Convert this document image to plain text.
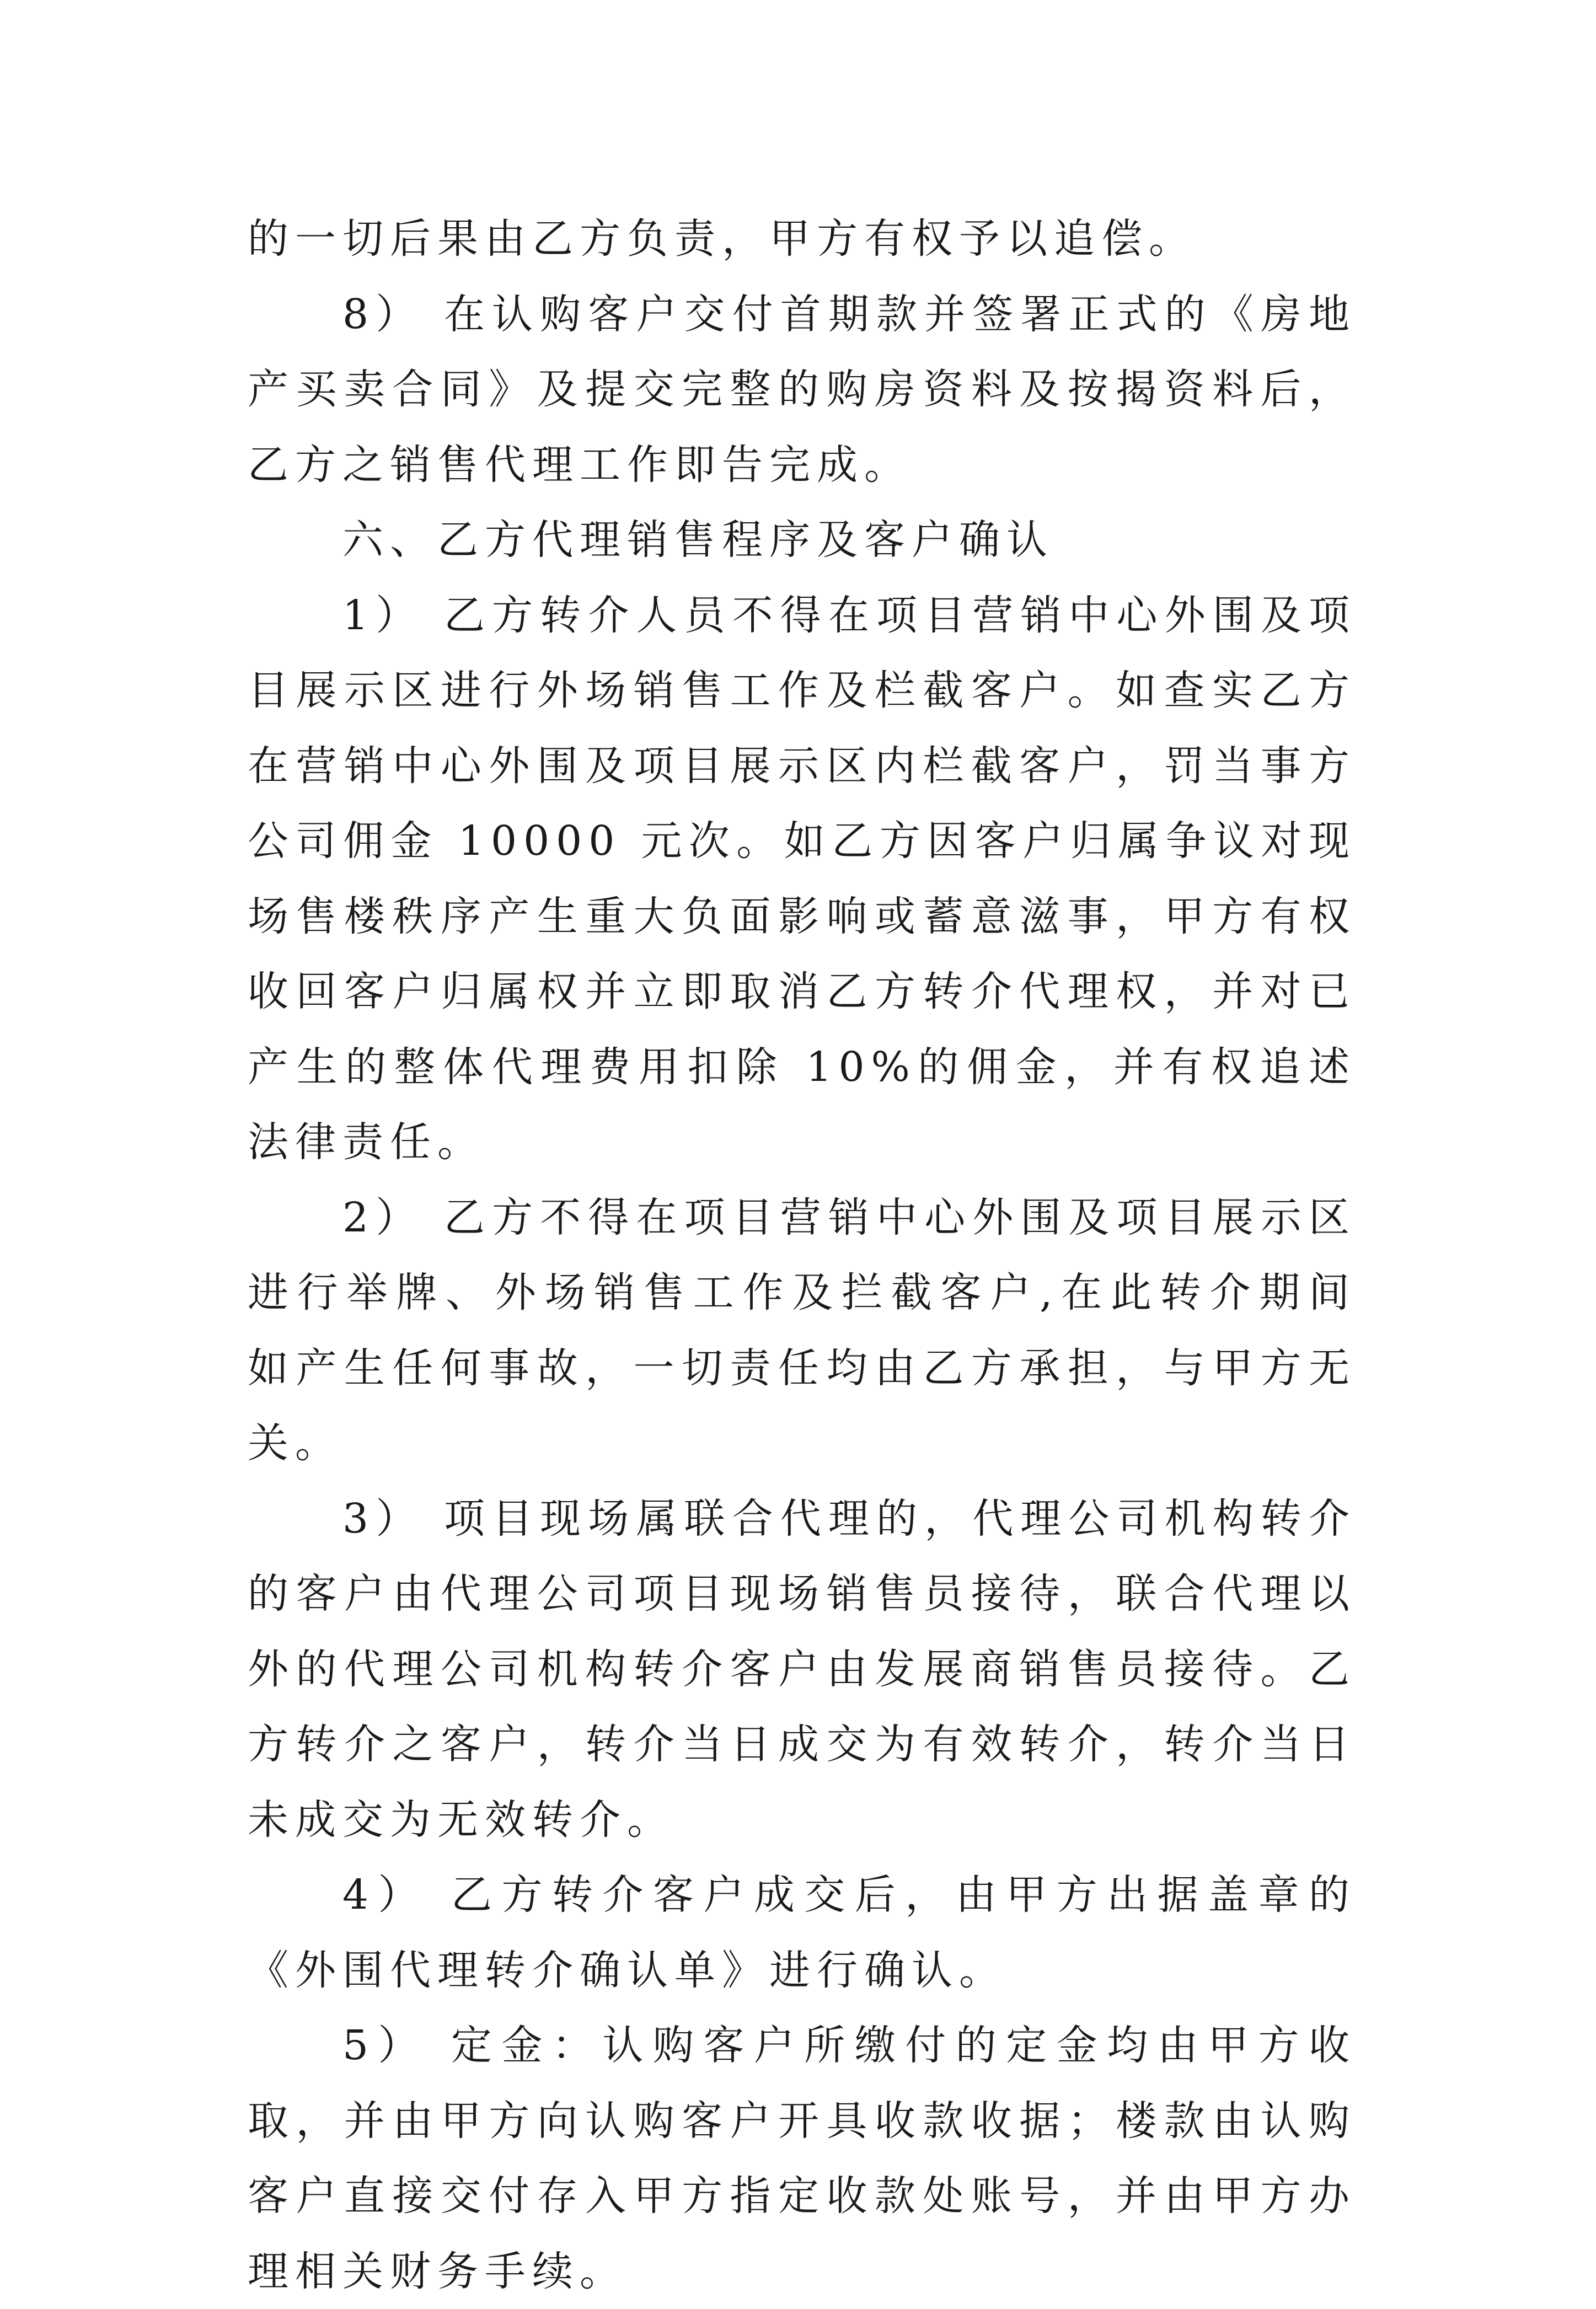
的一切后果由乙方负责，甲方有权予以追偿。

8） 在认购客户交付首期款并签署正式的《房地产买卖合同》及提交完整的购房资料及按揭资料后，乙方之销售代理工作即告完成。

六、乙方代理销售程序及客户确认

1） 乙方转介人员不得在项目营销中心外围及项目展示区进行外场销售工作及栏截客户。如查实乙方在营销中心外围及项目展示区内栏截客户，罚当事方公司佣金 10000 元次。如乙方因客户归属争议对现场售楼秩序产生重大负面影响或蓄意滋事，甲方有权收回客户归属权并立即取消乙方转介代理权，并对已产生的整体代理费用扣除 10%的佣金，并有权追述法律责任。

2） 乙方不得在项目营销中心外围及项目展示区进行举牌、外场销售工作及拦截客户,在此转介期间如产生任何事故，一切责任均由乙方承担，与甲方无关。

3） 项目现场属联合代理的，代理公司机构转介的客户由代理公司项目现场销售员接待，联合代理以外的代理公司机构转介客户由发展商销售员接待。乙方转介之客户，转介当日成交为有效转介，转介当日未成交为无效转介。

4） 乙方转介客户成交后，由甲方出据盖章的《外围代理转介确认单》进行确认。

5） 定金：认购客户所缴付的定金均由甲方收取，并由甲方向认购客户开具收款收据；楼款由认购客户直接交付存入甲方指定收款处账号，并由甲方办理相关财务手续。
